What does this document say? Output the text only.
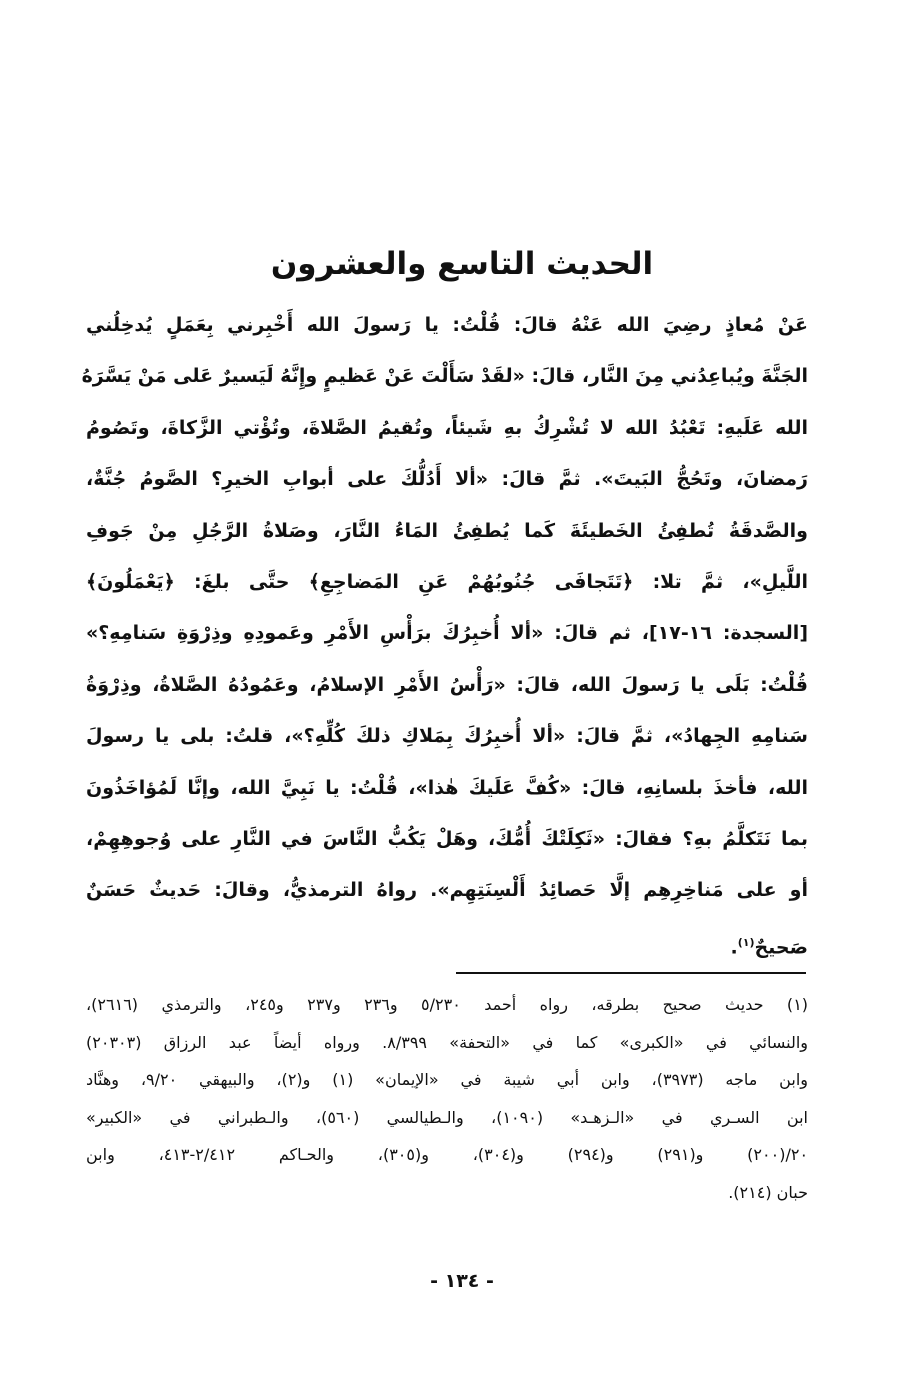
الحديث التاسع والعشرون
عَنْ مُعاذٍ رضِيَ الله عَنْهُ قالَ: قُلْتُ: يا رَسولَ الله أَخْبِرني بِعَمَلٍ يُدخِلُني
الجَنَّةَ ويُباعِدُني مِنَ النَّار، قالَ: «لقَدْ سَأَلْتَ عَنْ عَظيمٍ وإِنَّهُ لَيَسيرٌ عَلى مَنْ يَسَّرَهُ
الله عَلَيهِ: تَعْبُدُ الله لا تُشْرِكُ بهِ شَيئاً، وتُقيمُ الصَّلاةَ، وتُؤْتي الزَّكاةَ، وتَصُومُ
رَمضانَ، وتَحُجُّ البَيتَ». ثمَّ قالَ: «ألا أَدُلُّكَ على أبوابِ الخيرِ؟ الصَّومُ جُنَّةٌ،
والصَّدقَةُ تُطفِئُ الخَطيئَةَ كَما يُطفِئُ المَاءُ النَّارَ، وصَلاةُ الرَّجُلِ مِنْ جَوفِ
اللَّيلِ»، ثمَّ تلا: ﴿تَتَجافَى جُنُوبُهُمْ عَنِ المَضاجِعِ﴾ حتَّى بلغَ: ﴿يَعْمَلُونَ﴾
[السجدة: ١٦-١٧]، ثم قالَ: «ألا أُخبِرُكَ برَأْسِ الأَمْرِ وعَمودِهِ وذِرْوَةِ سَنامِهِ؟»
قُلْتُ: بَلَى يا رَسولَ الله، قالَ: «رَأْسُ الأَمْرِ الإسلامُ، وعَمُودُهُ الصَّلاةُ، وذِرْوَةُ
سَنامِهِ الجِهادُ»، ثمَّ قالَ: «ألا أُخبِرُكَ بِمَلاكِ ذلكَ كُلِّهِ؟»، قلتُ: بلى يا رسولَ
الله، فأخذَ بلسانِهِ، قالَ: «كُفَّ عَلَيكَ هٰذا»، قُلْتُ: يا نَبِيَّ الله، وإنَّا لَمُؤاخَذُونَ
بما نَتَكلَّمُ بهِ؟ فقالَ: «ثَكِلَتْكَ أُمُّكَ، وهَلْ يَكُبُّ النَّاسَ في النَّارِ على وُجوهِهِمْ،
أو على مَناخِرِهِم إلَّا حَصائِدُ أَلْسِنَتِهِم». رواهُ الترمذيُّ، وقالَ: حَديثٌ حَسَنٌ
صَحيحٌ$^{(١)}$.
(١) حديث صحيح بطرقه، رواه أحمد ٥/٢٣٠ و٢٣٦ و٢٣٧ و٢٤٥، والترمذي (٢٦١٦)،
والنسائي في «الكبرى» كما في «التحفة» ٨/٣٩٩. ورواه أيضاً عبد الرزاق (٢٠٣٠٣)
وابن ماجه (٣٩٧٣)، وابن أبي شيبة في «الإيمان» (١) و(٢)، والبيهقي ٩/٢٠، وهنَّاد
ابن السـري في «الـزهـد» (١٠٩٠)، والـطيالسي (٥٦٠)، والـطبراني في «الكبير»
٢٠/(٢٠٠) و(٢٩١) و(٢٩٤) و(٣٠٤)، و(٣٠٥)، والحـاكم ٢/٤١٢-٤١٣، وابن
حبان (٢١٤).
- ١٣٤ -
